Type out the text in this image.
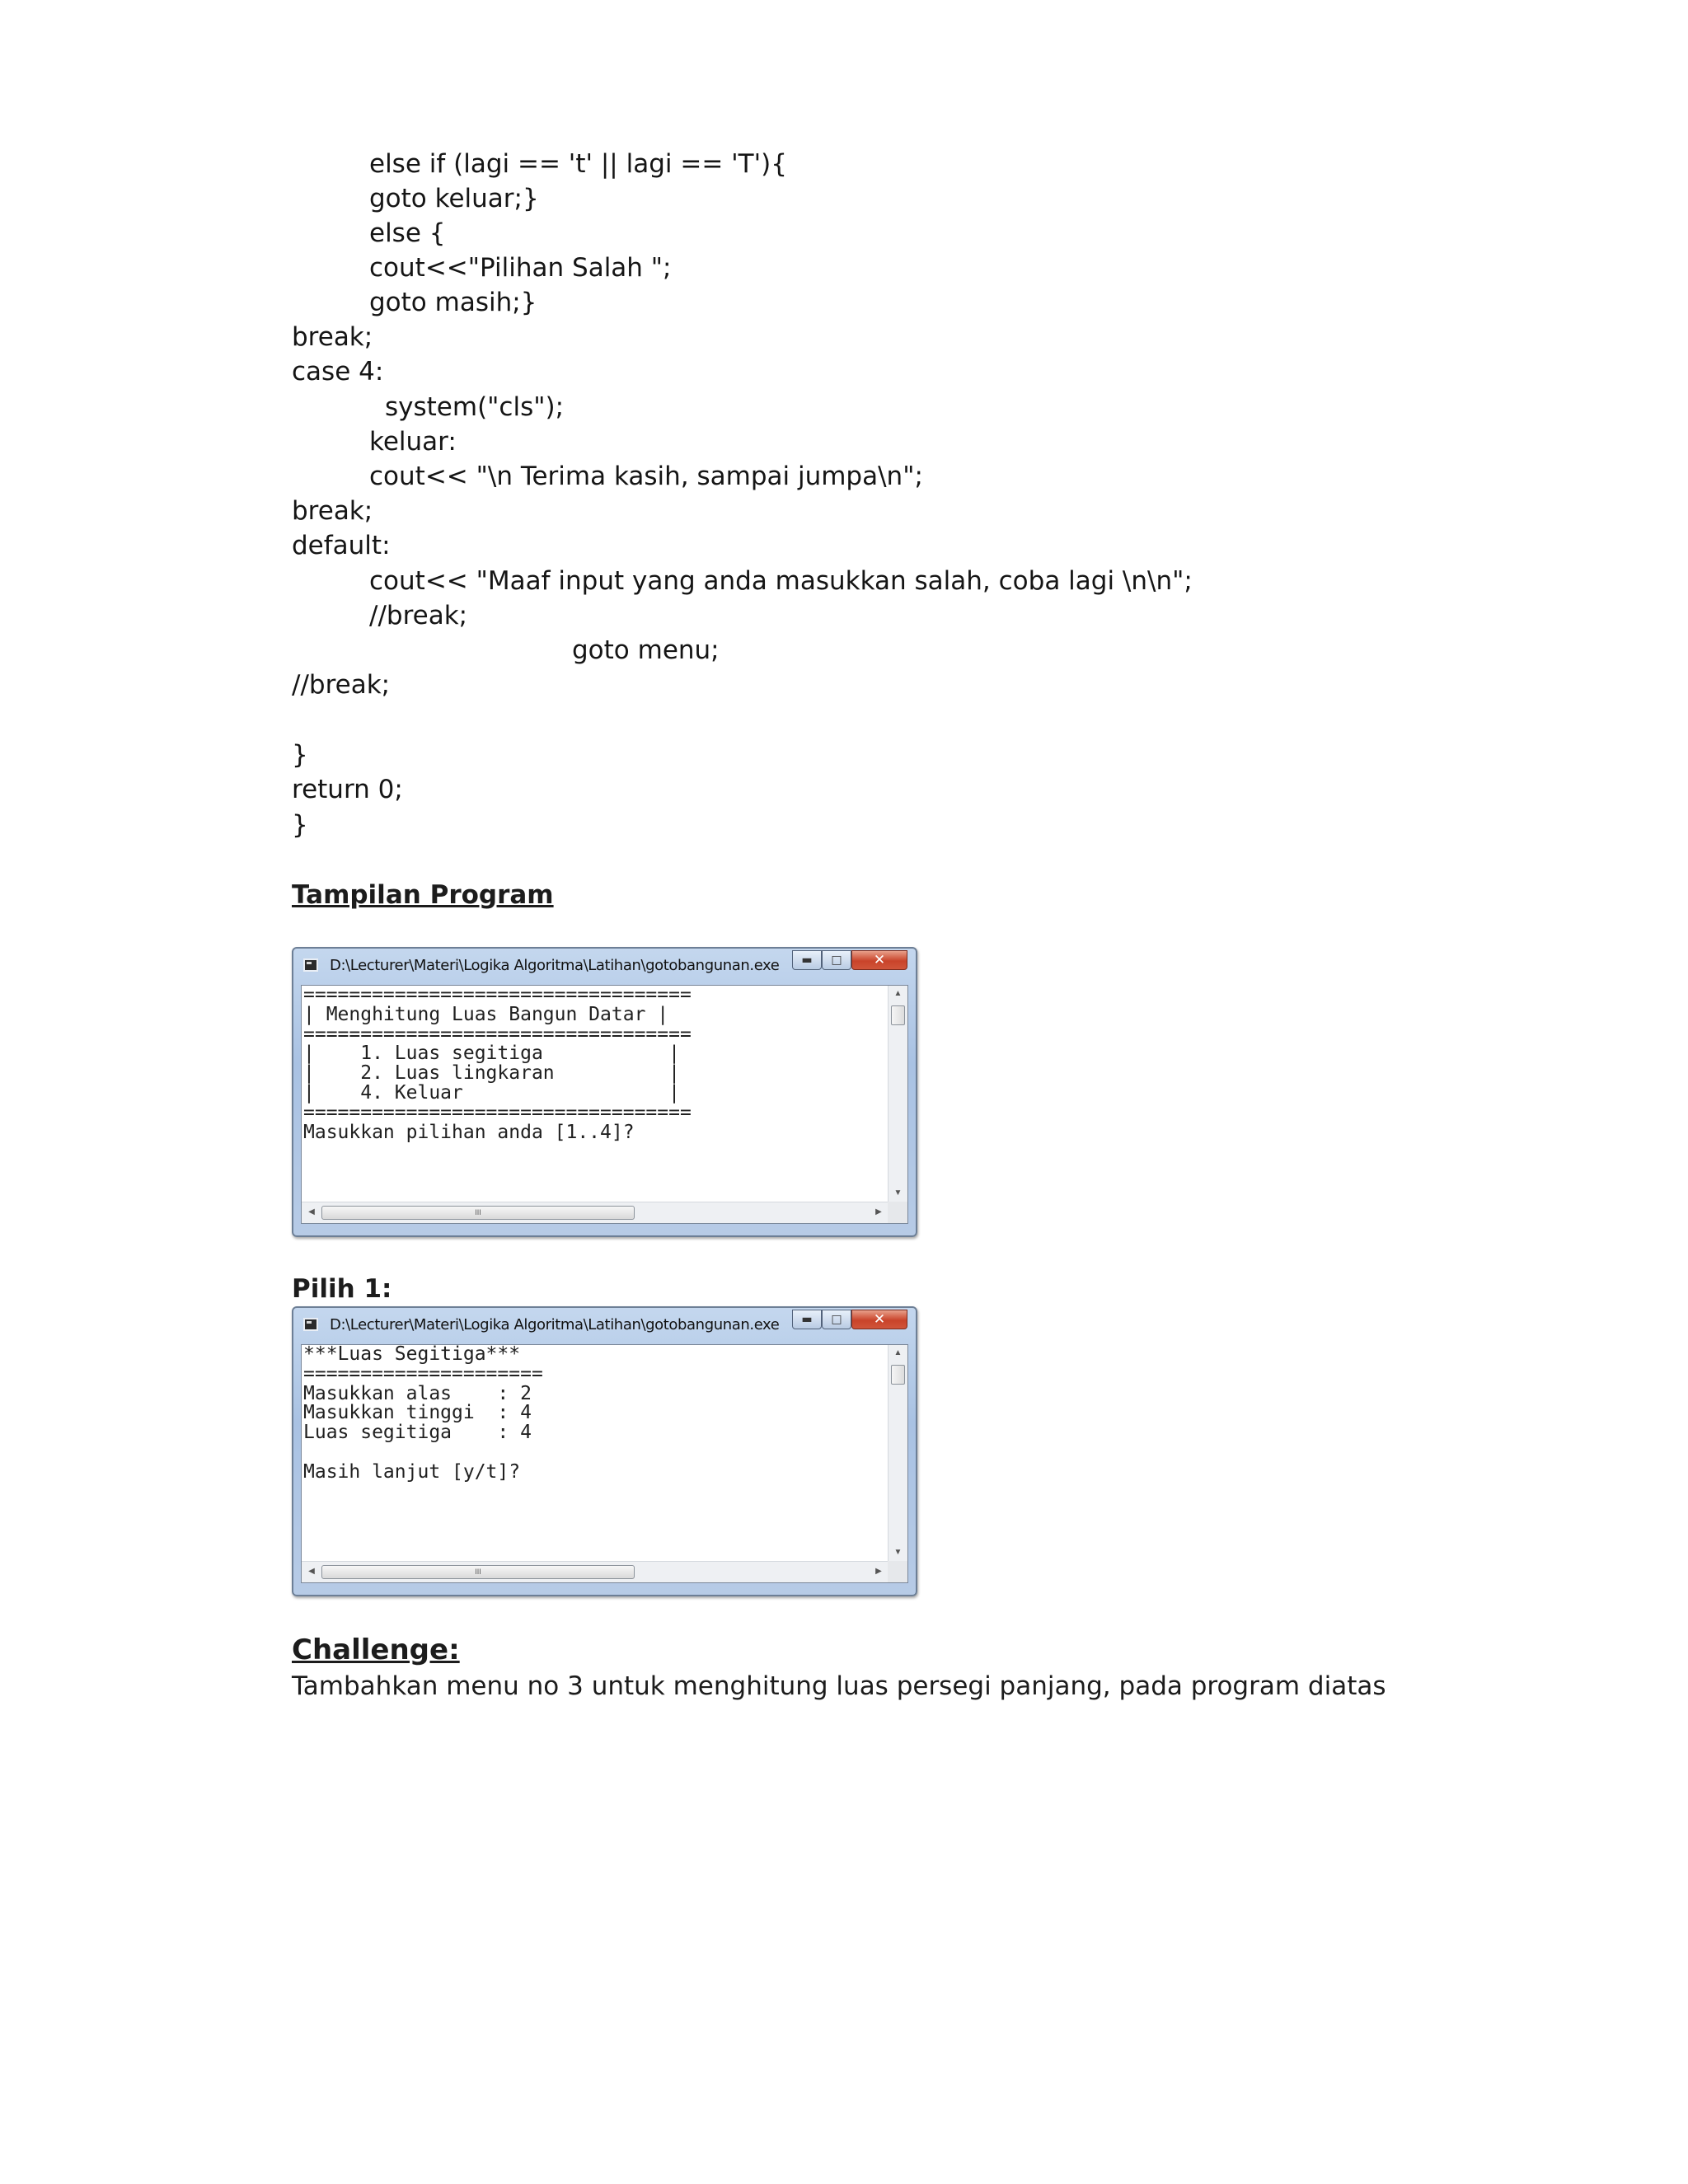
else if (lagi == 't' || lagi == 'T'){
goto keluar;}
else {
cout<<"Pilihan Salah ";
goto masih;}
break;
case 4:
system("cls");
keluar:
cout<< "\n Terima kasih, sampai jumpa\n";
break;
default:
cout<< "Maaf input yang anda masukkan salah, coba lagi \n\n";
//break;
goto menu;
//break;
}
return 0;
}
Tampilan Program
D:\Lecturer\Materi\Logika Algoritma\Latihan\gotobangunan.exe	▬	□	✕
==================================
| Menghitung Luas Bangun Datar |
==================================
|    1. Luas segitiga           |
|    2. Luas lingkaran          |
|    4. Keluar                  |
==================================
Masukkan pilihan anda [1..4]?
▲
▼
◀	III	▶
Pilih 1:
D:\Lecturer\Materi\Logika Algoritma\Latihan\gotobangunan.exe	▬	□	✕
***Luas Segitiga***
=====================
Masukkan alas    : 2
Masukkan tinggi  : 4
Luas segitiga    : 4

Masih lanjut [y/t]?
▲
▼
◀	III	▶
Challenge:
Tambahkan menu no 3 untuk menghitung luas persegi panjang, pada program diatas
